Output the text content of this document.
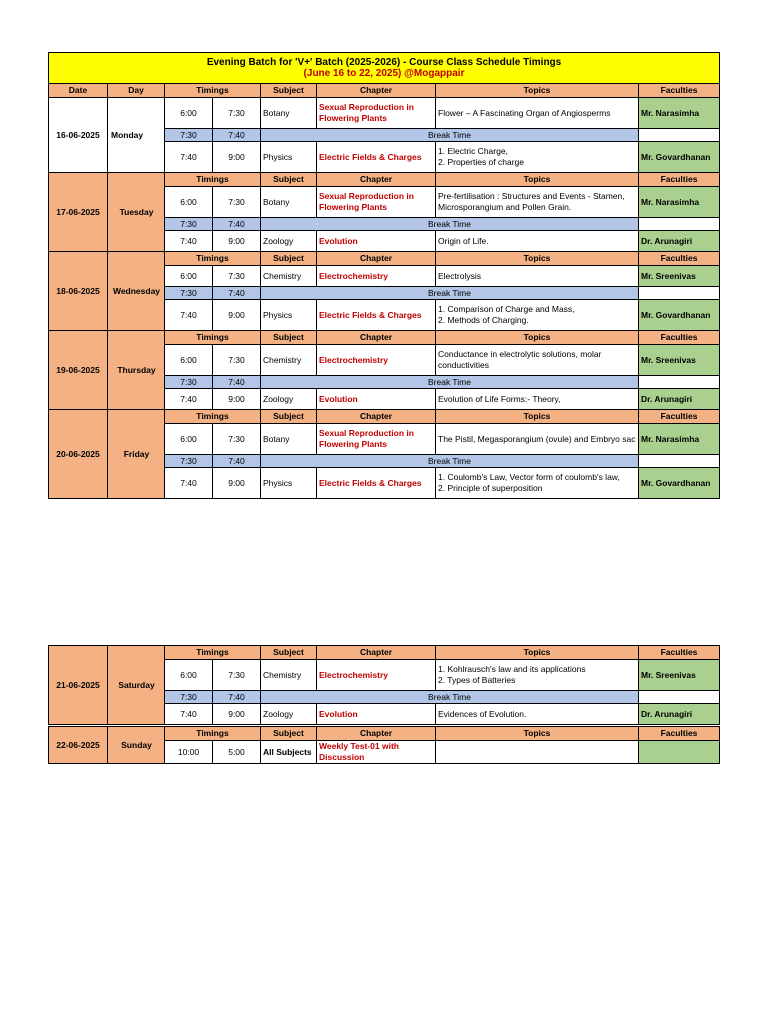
Evening Batch for 'V+' Batch (2025-2026) - Course Class Schedule Timings
(June 16 to 22, 2025) @Mogappair							

Date	Day	Timings		Subject	Chapter	Topics	Faculties
16-06-2025	Monday	6:00	7:30	Botany	Sexual Reproduction in Flowering Plants	Flower – A Fascinating Organ of Angiosperms	Mr. Narasimha
		7:30	7:40	Break Time			
		7:40	9:00	Physics	Electric Fields & Charges	1. Electric Charge,
2. Properties of charge	Mr. Govardhanan
17-06-2025	Tuesday	Timings		Subject	Chapter	Topics	Faculties
		6:00	7:30	Botany	Sexual Reproduction in Flowering Plants	Pre-fertilisation : Structures and Events - Stamen, Microsporangium and Pollen Grain.	Mr. Narasimha
		7:30	7:40	Break Time			
		7:40	9:00	Zoology	Evolution	Origin of Life.	Dr. Arunagiri
18-06-2025	Wednesday	Timings		Subject	Chapter	Topics	Faculties
		6:00	7:30	Chemistry	Electrochemistry	Electrolysis	Mr. Sreenivas
		7:30	7:40	Break Time			
		7:40	9:00	Physics	Electric Fields & Charges	1. Comparison of Charge and Mass,
2. Methods of Charging.	Mr. Govardhanan
19-06-2025	Thursday	Timings		Subject	Chapter	Topics	Faculties
		6:00	7:30	Chemistry	Electrochemistry	Conductance in electrolytic solutions, molar conductivities	Mr. Sreenivas
		7:30	7:40	Break Time			
		7:40	9:00	Zoology	Evolution	Evolution of Life Forms:- Theory,	Dr. Arunagiri
20-06-2025	Friday	Timings		Subject	Chapter	Topics	Faculties
		6:00	7:30	Botany	Sexual Reproduction in Flowering Plants	The Pistil, Megasporangium (ovule) and Embryo sac	Mr. Narasimha
		7:30	7:40	Break Time			
		7:40	9:00	Physics	Electric Fields & Charges	1. Coulomb's Law, Vector form of coulomb's law,
2. Principle of superposition	Mr. Govardhanan
21-06-2025	Saturday	Timings		Subject	Chapter	Topics	Faculties
		6:00	7:30	Chemistry	Electrochemistry	1. Kohlrausch's law and its applications
2. Types of Batteries	Mr. Sreenivas
		7:30	7:40	Break Time			
		7:40	9:00	Zoology	Evolution	Evidences of Evolution.	Dr. Arunagiri
22-06-2025	Sunday	Timings		Subject	Chapter	Topics	Faculties
		10:00	5:00	All Subjects	Weekly Test-01 with Discussion		
